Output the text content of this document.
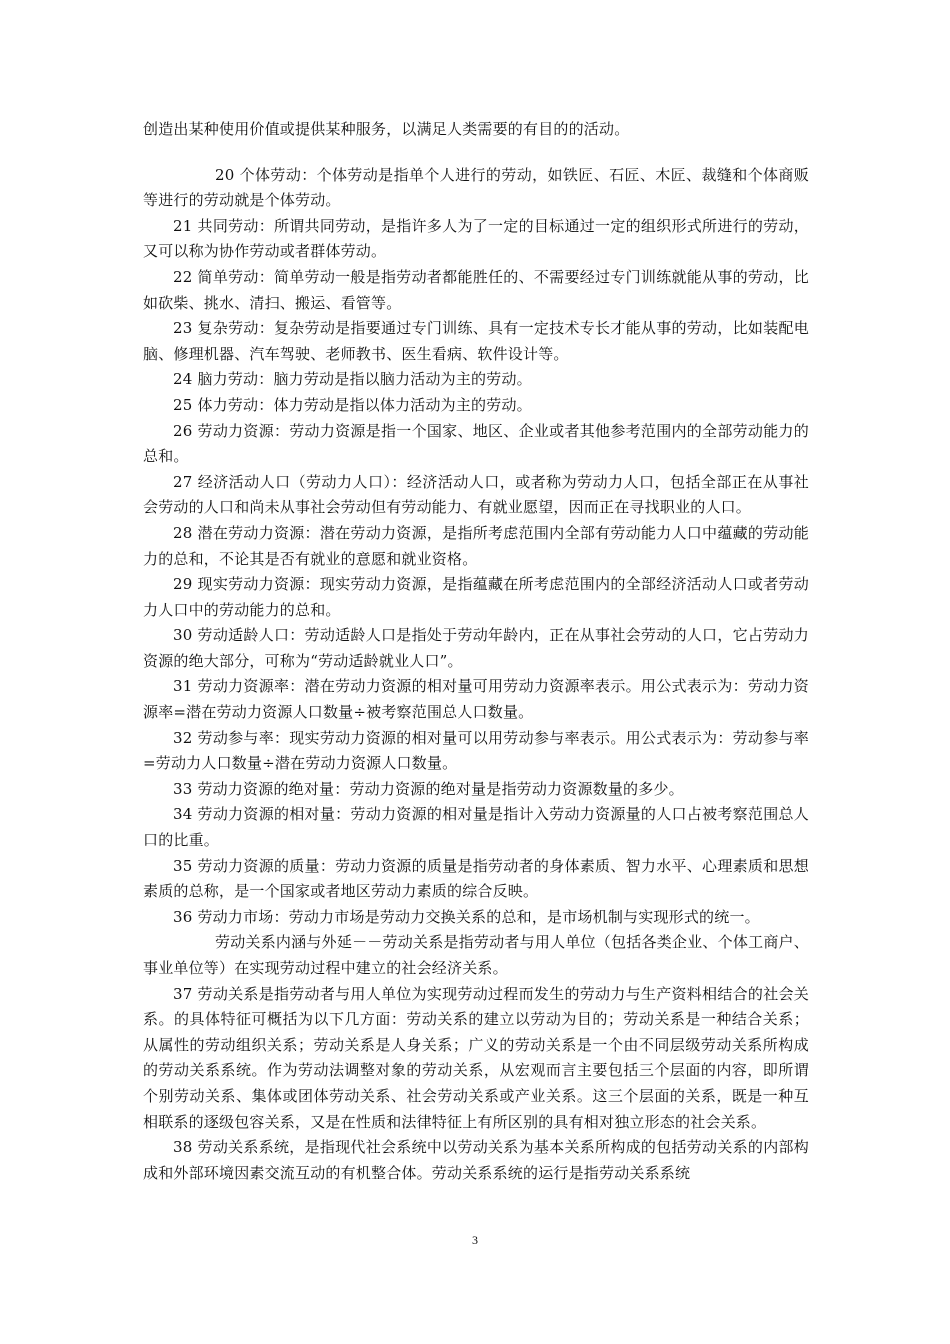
创造出某种使用价值或提供某种服务，以满足人类需要的有目的的活动。

20 个体劳动：个体劳动是指单个人进行的劳动，如铁匠、石匠、木匠、裁缝和个体商贩等进行的劳动就是个体劳动。

21 共同劳动：所谓共同劳动，是指许多人为了一定的目标通过一定的组织形式所进行的劳动，又可以称为协作劳动或者群体劳动。

22 简单劳动：简单劳动一般是指劳动者都能胜任的、不需要经过专门训练就能从事的劳动，比如砍柴、挑水、清扫、搬运、看管等。

23 复杂劳动：复杂劳动是指要通过专门训练、具有一定技术专长才能从事的劳动，比如装配电脑、修理机器、汽车驾驶、老师教书、医生看病、软件设计等。

24 脑力劳动：脑力劳动是指以脑力活动为主的劳动。

25 体力劳动：体力劳动是指以体力活动为主的劳动。

26 劳动力资源：劳动力资源是指一个国家、地区、企业或者其他参考范围内的全部劳动能力的总和。

27 经济活动人口（劳动力人口）：经济活动人口，或者称为劳动力人口，包括全部正在从事社会劳动的人口和尚未从事社会劳动但有劳动能力、有就业愿望，因而正在寻找职业的人口。

28 潜在劳动力资源：潜在劳动力资源，是指所考虑范围内全部有劳动能力人口中蕴藏的劳动能力的总和，不论其是否有就业的意愿和就业资格。

29 现实劳动力资源：现实劳动力资源，是指蕴藏在所考虑范围内的全部经济活动人口或者劳动力人口中的劳动能力的总和。

30 劳动适龄人口：劳动适龄人口是指处于劳动年龄内，正在从事社会劳动的人口，它占劳动力资源的绝大部分，可称为“劳动适龄就业人口”。

31 劳动力资源率：潜在劳动力资源的相对量可用劳动力资源率表示。用公式表示为：劳动力资源率=潜在劳动力资源人口数量÷被考察范围总人口数量。

32 劳动参与率：现实劳动力资源的相对量可以用劳动参与率表示。用公式表示为：劳动参与率=劳动力人口数量÷潜在劳动力资源人口数量。

33 劳动力资源的绝对量：劳动力资源的绝对量是指劳动力资源数量的多少。

34 劳动力资源的相对量：劳动力资源的相对量是指计入劳动力资源量的人口占被考察范围总人口的比重。

35 劳动力资源的质量：劳动力资源的质量是指劳动者的身体素质、智力水平、心理素质和思想素质的总称，是一个国家或者地区劳动力素质的综合反映。

36 劳动力市场：劳动力市场是劳动力交换关系的总和，是市场机制与实现形式的统一。

劳动关系内涵与外延－－劳动关系是指劳动者与用人单位（包括各类企业、个体工商户、事业单位等）在实现劳动过程中建立的社会经济关系。

37 劳动关系是指劳动者与用人单位为实现劳动过程而发生的劳动力与生产资料相结合的社会关系。的具体特征可概括为以下几方面：劳动关系的建立以劳动为目的；劳动关系是一种结合关系；从属性的劳动组织关系；劳动关系是人身关系；广义的劳动关系是一个由不同层级劳动关系所构成的劳动关系系统。作为劳动法调整对象的劳动关系，从宏观而言主要包括三个层面的内容，即所谓个别劳动关系、集体或团体劳动关系、社会劳动关系或产业关系。这三个层面的关系，既是一种互相联系的逐级包容关系，又是在性质和法律特征上有所区别的具有相对独立形态的社会关系。

38 劳动关系系统，是指现代社会系统中以劳动关系为基本关系所构成的包括劳动关系的内部构成和外部环境因素交流互动的有机整合体。劳动关系系统的运行是指劳动关系系统

3
